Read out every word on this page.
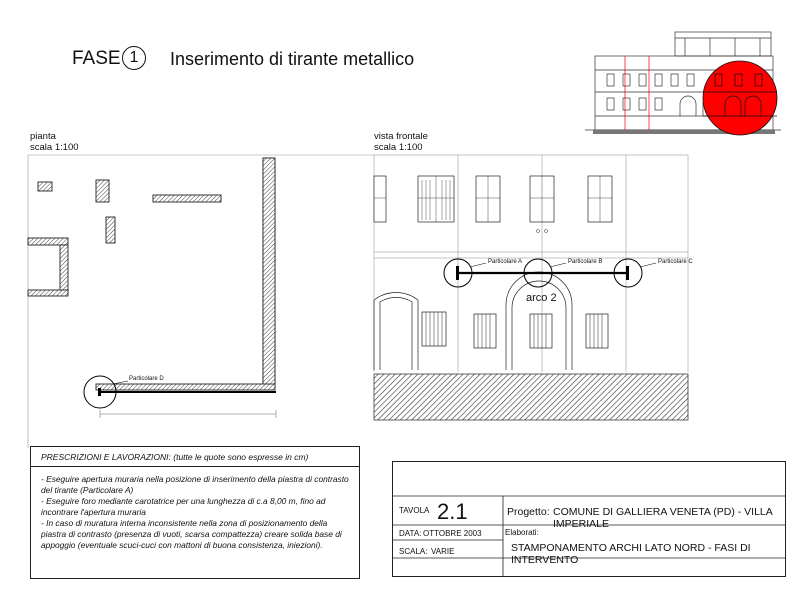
FASE 1	Inserimento di tirante metallico
pianta
scala 1:100
Particolare D
vista frontale
scala 1:100
Particolare A	Particolare B	Particolare C
arco 2
PRESCRIZIONI E LAVORAZIONI: (tutte le quote sono espresse in cm)
- Eseguire apertura muraria nella posizione di inserimento della piastra di contrasto del tirante (Particolare A)
- Eseguire foro mediante carotatrice per una lunghezza di c.a 8,00 m, fino ad incontrare l'apertura muraria
- In caso di muratura interna inconsistente nella zona di posizionamento della piastra di contrasto (presenza di vuoti, scarsa compattezza) creare solida base di appoggio (eventuale scuci-cuci con mattoni di buona consistenza, iniezioni).
TAVOLA 2.1
DATA: OTTOBRE 2003
SCALA: VARIE
Progetto: COMUNE DI GALLIERA VENETA (PD) - VILLA IMPERIALE
Elaborati:
STAMPONAMENTO ARCHI LATO NORD - FASI DI INTERVENTO
